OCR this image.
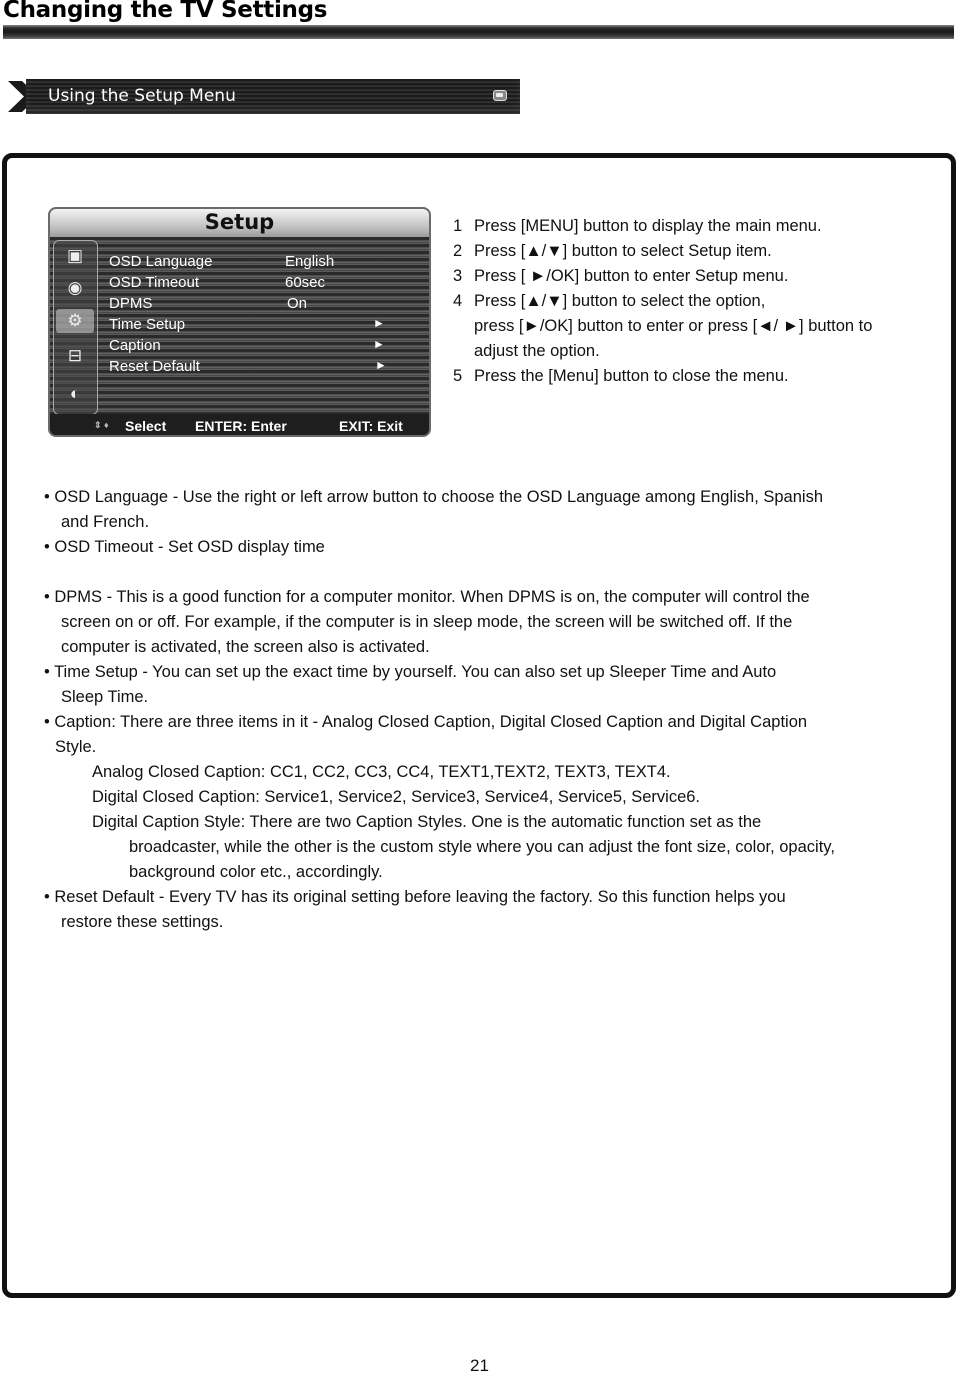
Changing the TV Settings
Using the Setup Menu
Setup
▣
◉
⚙
⊟
◐
OSD Language	English
OSD Timeout	60sec
DPMS	On
Time Setup	►
Caption	►
Reset Default	►
⇕ ♦ Select ENTER: Enter	EXIT: Exit
1 Press [MENU] button to display the main menu.
2 Press [▲/▼] button to select Setup item.
3 Press [ ►/OK] button to enter Setup menu.
4 Press [▲/▼] button to select the option,
press [►/OK] button to enter or press [◄/ ►] button to
adjust the option.
5 Press the [Menu] button to close the menu.
• OSD Language - Use the right or left arrow button to choose the OSD Language among English, Spanish
and French.
• OSD Timeout - Set OSD display time
• DPMS - This is a good function for a computer monitor. When DPMS is on, the computer will control the
screen on or off. For example, if the computer is in sleep mode, the screen will be switched off. If the
computer is activated, the screen also is activated.
• Time Setup - You can set up the exact time by yourself. You can also set up Sleeper Time and Auto
Sleep Time.
• Caption: There are three items in it - Analog Closed Caption, Digital Closed Caption and Digital Caption
Style.
Analog Closed Caption: CC1, CC2, CC3, CC4, TEXT1,TEXT2, TEXT3, TEXT4.
Digital Closed Caption: Service1, Service2, Service3, Service4, Service5, Service6.
Digital Caption Style: There are two Caption Styles. One is the automatic function set as the
broadcaster, while the other is the custom style where you can adjust the font size, color, opacity,
background color etc., accordingly.
• Reset Default - Every TV has its original setting before leaving the factory. So this function helps you
restore these settings.
21
